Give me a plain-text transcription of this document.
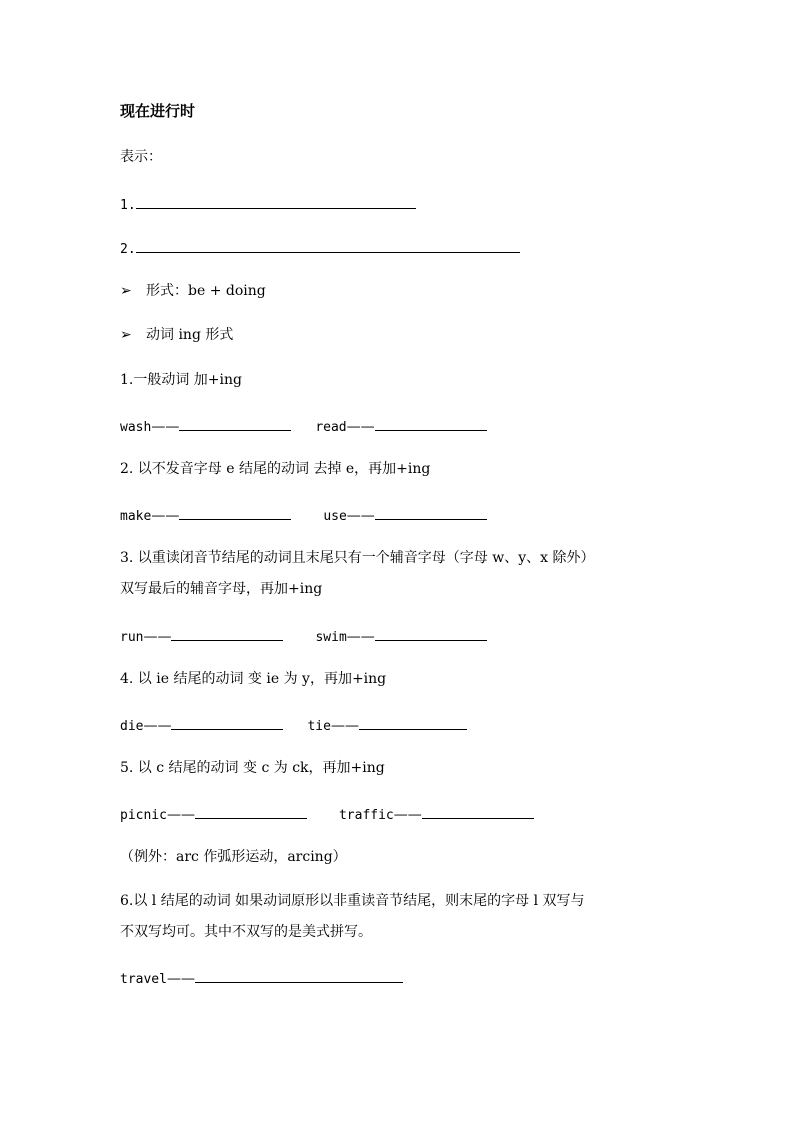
现在进行时
表示：
1.
2.
➢ 形式：be + doing
➢ 动词 ing 形式
1.一般动词 加+ing
wash——	read——
2. 以不发音字母 e 结尾的动词 去掉 e，再加+ing
make——	use——
3. 以重读闭音节结尾的动词且末尾只有一个辅音字母（字母 w、y、x 除外）
双写最后的辅音字母，再加+ing
run——	swim——
4. 以 ie 结尾的动词 变 ie 为 y，再加+ing
die——	tie——
5. 以 c 结尾的动词 变 c 为 ck，再加+ing
picnic——	traffic——
（例外：arc 作弧形运动，arcing）
6.以 l 结尾的动词 如果动词原形以非重读音节结尾，则末尾的字母 l 双写与
不双写均可。其中不双写的是美式拼写。
travel——
